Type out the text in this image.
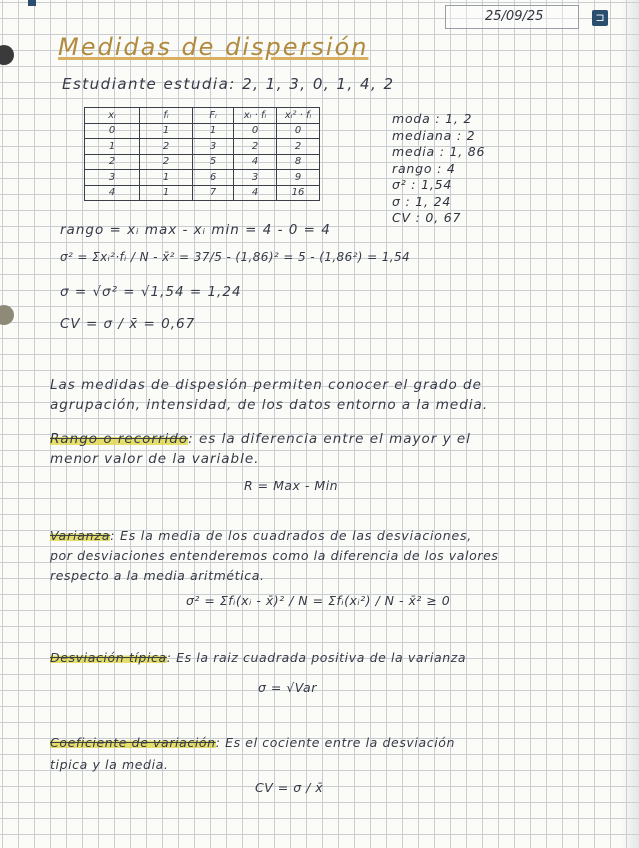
25/09/25	⊐
Medidas de dispersión
Estudiante estudia: 2, 1, 3, 0, 1, 4, 2
xᵢ	fᵢ	Fᵢ	xᵢ · fᵢ	xᵢ² · fᵢ
0	1	1	0	0
1	2	3	2	2
2	2	5	4	8
3	1	6	3	9
4	1	7	4	16
moda : 1, 2
mediana : 2
media : 1, 86
rango : 4
σ² : 1,54
σ : 1, 24
CV : 0, 67
rango = xᵢ max - xᵢ min = 4 - 0 = 4
σ² = Σxᵢ²·fᵢ / N - x̄² = 37/5 - (1,86)² = 5 - (1,86²) = 1,54
σ = √σ² = √1,54 = 1,24
CV = σ / x̄ = 0,67
Las medidas de dispesión permiten conocer el grado de
agrupación, intensidad, de los datos entorno a la media.
Rango o recorrido: es la diferencia entre el mayor y el
menor valor de la variable.
R = Max - Min
Varianza: Es la media de los cuadrados de las desviaciones,
por desviaciones entenderemos como la diferencia de los valores
respecto a la media aritmética.
σ² = Σfᵢ(xᵢ - x̄)² / N = Σfᵢ(xᵢ²) / N - x̄² ≥ 0
Desviación típica: Es la raiz cuadrada positiva de la varianza
σ = √Var
Coeficiente de variación: Es el cociente entre la desviación
tipica y la media.
CV = σ / x̄
